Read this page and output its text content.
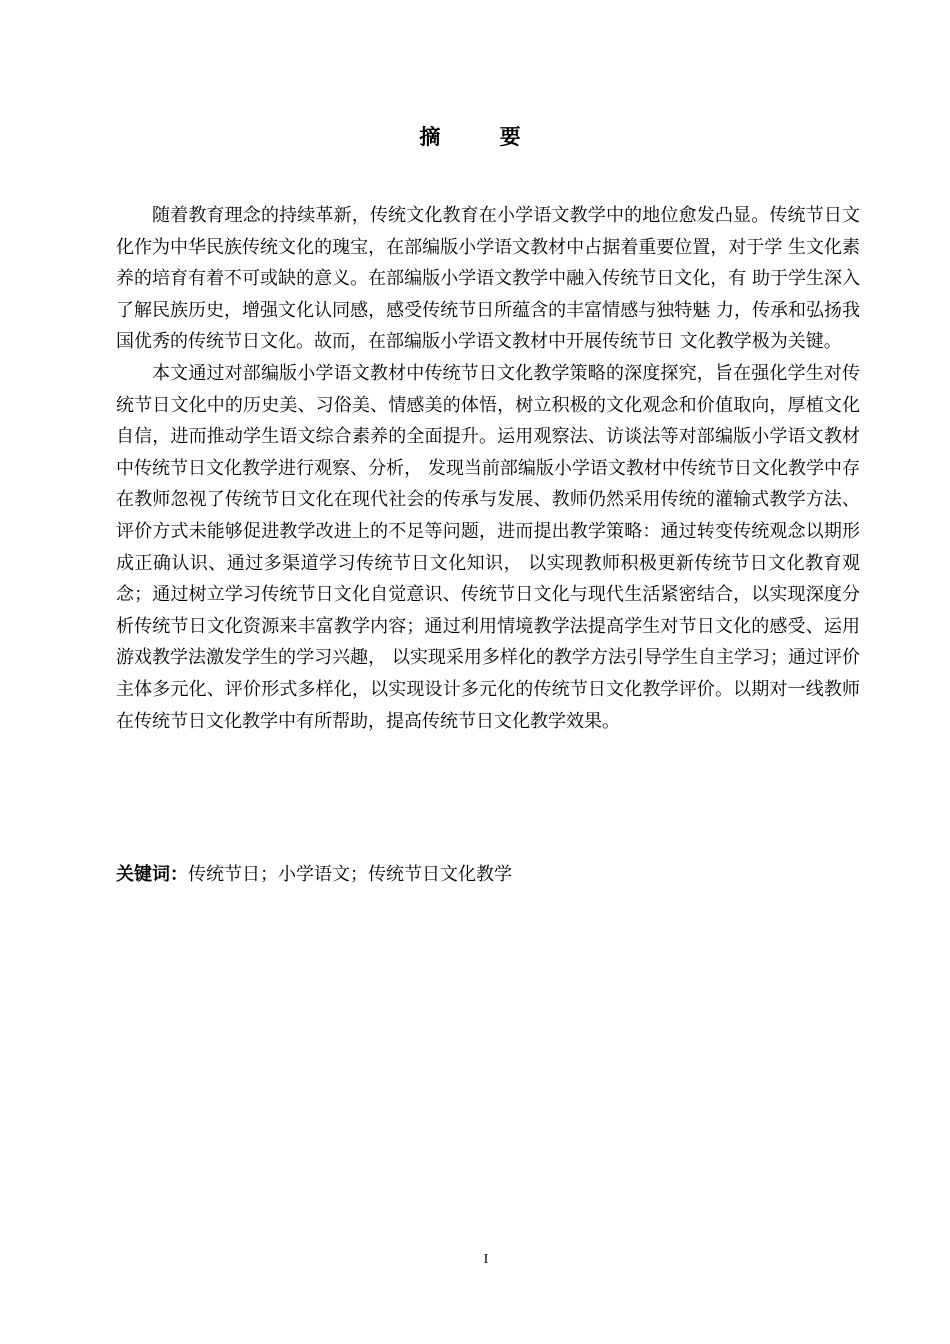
摘 要

随着教育理念的持续革新，传统文化教育在小学语文教学中的地位愈发凸显。传统节日文化作为中华民族传统文化的瑰宝，在部编版小学语文教材中占据着重要位置，对于学 生文化素养的培育有着不可或缺的意义。在部编版小学语文教学中融入传统节日文化，有 助于学生深入了解民族历史，增强文化认同感，感受传统节日所蕴含的丰富情感与独特魅 力，传承和弘扬我国优秀的传统节日文化。故而，在部编版小学语文教材中开展传统节日 文化教学极为关键。

本文通过对部编版小学语文教材中传统节日文化教学策略的深度探究，旨在强化学生对传统节日文化中的历史美、习俗美、情感美的体悟，树立积极的文化观念和价值取向，厚植文化自信，进而推动学生语文综合素养的全面提升。运用观察法、访谈法等对部编版小学语文教材中传统节日文化教学进行观察、分析， 发现当前部编版小学语文教材中传统节日文化教学中存在教师忽视了传统节日文化在现代社会的传承与发展、教师仍然采用传统的灌输式教学方法、评价方式未能够促进教学改进上的不足等问题，进而提出教学策略：通过转变传统观念以期形成正确认识、通过多渠道学习传统节日文化知识， 以实现教师积极更新传统节日文化教育观念；通过树立学习传统节日文化自觉意识、传统节日文化与现代生活紧密结合，以实现深度分析传统节日文化资源来丰富教学内容；通过利用情境教学法提高学生对节日文化的感受、运用游戏教学法激发学生的学习兴趣， 以实现采用多样化的教学方法引导学生自主学习；通过评价主体多元化、评价形式多样化，以实现设计多元化的传统节日文化教学评价。以期对一线教师在传统节日文化教学中有所帮助，提高传统节日文化教学效果。

关键词：传统节日；小学语文；传统节日文化教学
I
